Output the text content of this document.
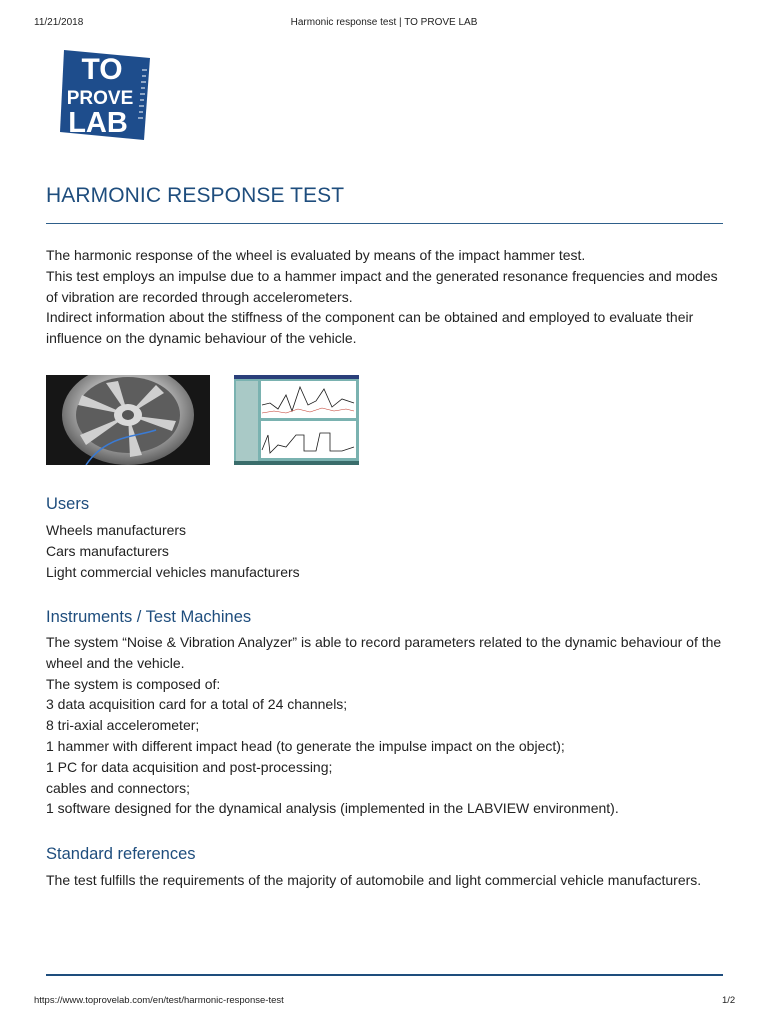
11/21/2018	Harmonic response test | TO PROVE LAB
TO
PROVE
LAB
HARMONIC RESPONSE TEST
The harmonic response of the wheel is evaluated by means of the impact hammer test.
This test employs an impulse due to a hammer impact and the generated resonance frequencies and modes of vibration are recorded through accelerometers.
Indirect information about the stiffness of the component can be obtained and employed to evaluate their influence on the dynamic behaviour of the vehicle.
Users
Wheels manufacturers
Cars manufacturers
Light commercial vehicles manufacturers
Instruments / Test Machines
The system “Noise & Vibration Analyzer” is able to record parameters related to the dynamic behaviour of the wheel and the vehicle.
The system is composed of:
3 data acquisition card for a total of 24 channels;
8 tri-axial accelerometer;
1 hammer with different impact head (to generate the impulse impact on the object);
1 PC for data acquisition and post-processing;
cables and connectors;
1 software designed for the dynamical analysis (implemented in the LABVIEW environment).
Standard references
The test fulfills the requirements of the majority of automobile and light commercial vehicle manufacturers.
https://www.toprovelab.com/en/test/harmonic-response-test	1/2
